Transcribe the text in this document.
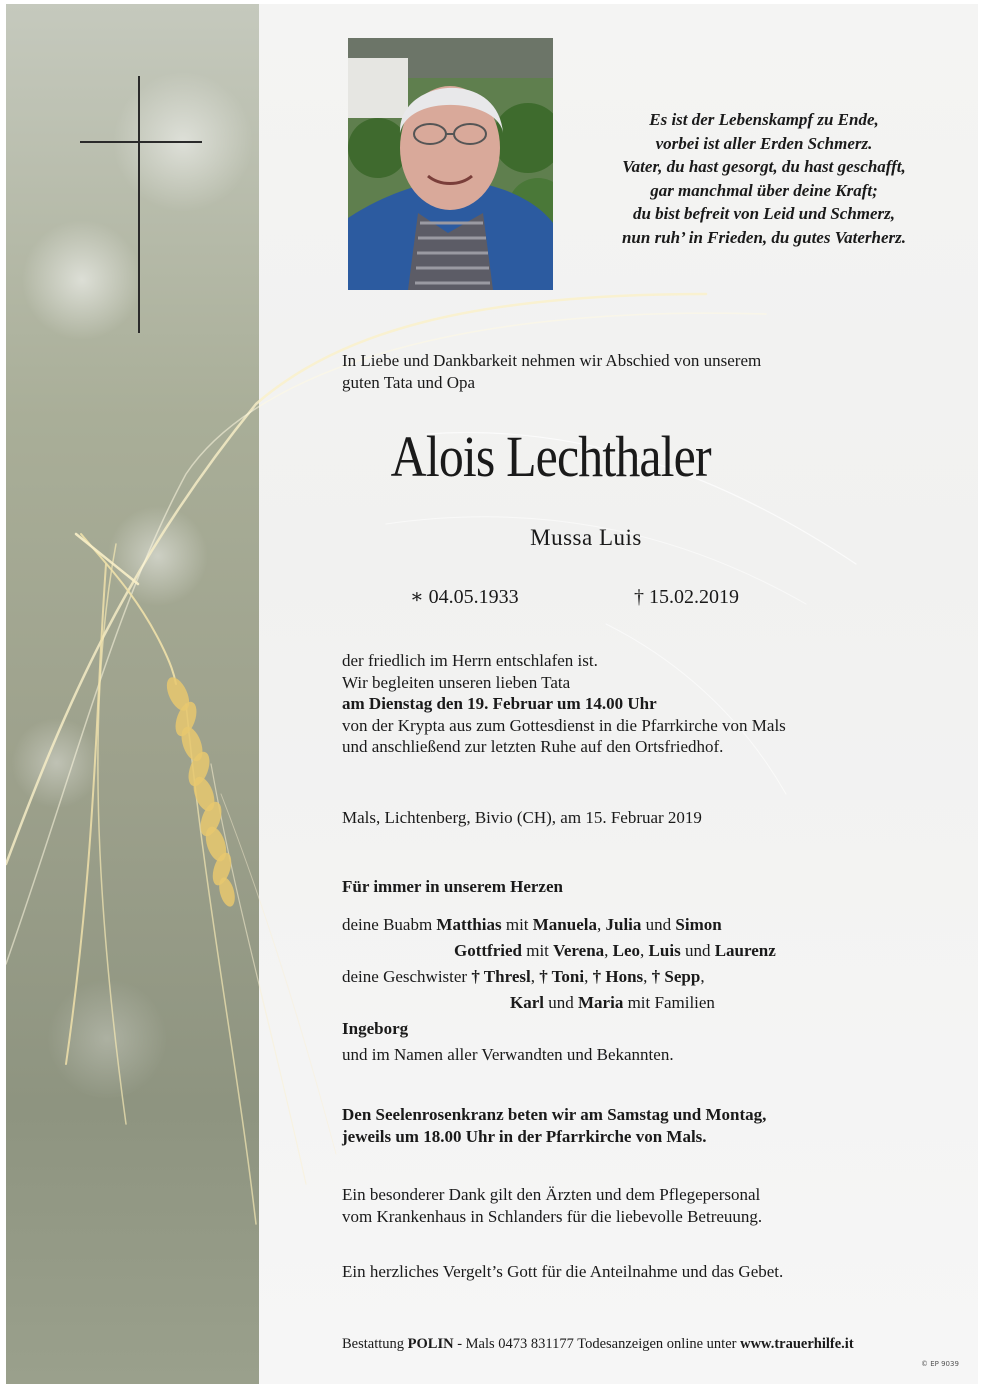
Es ist der Lebenskampf zu Ende,
vorbei ist aller Erden Schmerz.
Vater, du hast gesorgt, du hast geschafft,
gar manchmal über deine Kraft;
du bist befreit von Leid und Schmerz,
nun ruh’ in Frieden, du gutes Vaterherz.
In Liebe und Dankbarkeit nehmen wir Abschied von unserem
guten Tata und Opa
Alois Lechthaler
Mussa Luis
∗ 04.05.1933	† 15.02.2019
der friedlich im Herrn entschlafen ist.
Wir begleiten unseren lieben Tata
am Dienstag den 19. Februar um 14.00 Uhr
von der Krypta aus zum Gottesdienst in die Pfarrkirche von Mals
und anschließend zur letzten Ruhe auf den Ortsfriedhof.
Mals, Lichtenberg, Bivio (CH), am 15. Februar 2019
Für immer in unserem Herzen
deine Buabm Matthias mit Manuela, Julia und Simon
Gottfried mit Verena, Leo, Luis und Laurenz
deine Geschwister † Thresl, † Toni, † Hons, † Sepp,
Karl und Maria mit Familien
Ingeborg
und im Namen aller Verwandten und Bekannten.
Den Seelenrosenkranz beten wir am Samstag und Montag,
jeweils um 18.00 Uhr in der Pfarrkirche von Mals.
Ein besonderer Dank gilt den Ärzten und dem Pflegepersonal
vom Krankenhaus in Schlanders für die liebevolle Betreuung.
Ein herzliches Vergelt’s Gott für die Anteilnahme und das Gebet.
Bestattung POLIN - Mals 0473 831177 Todesanzeigen online unter www.trauerhilfe.it
© EP 9039
